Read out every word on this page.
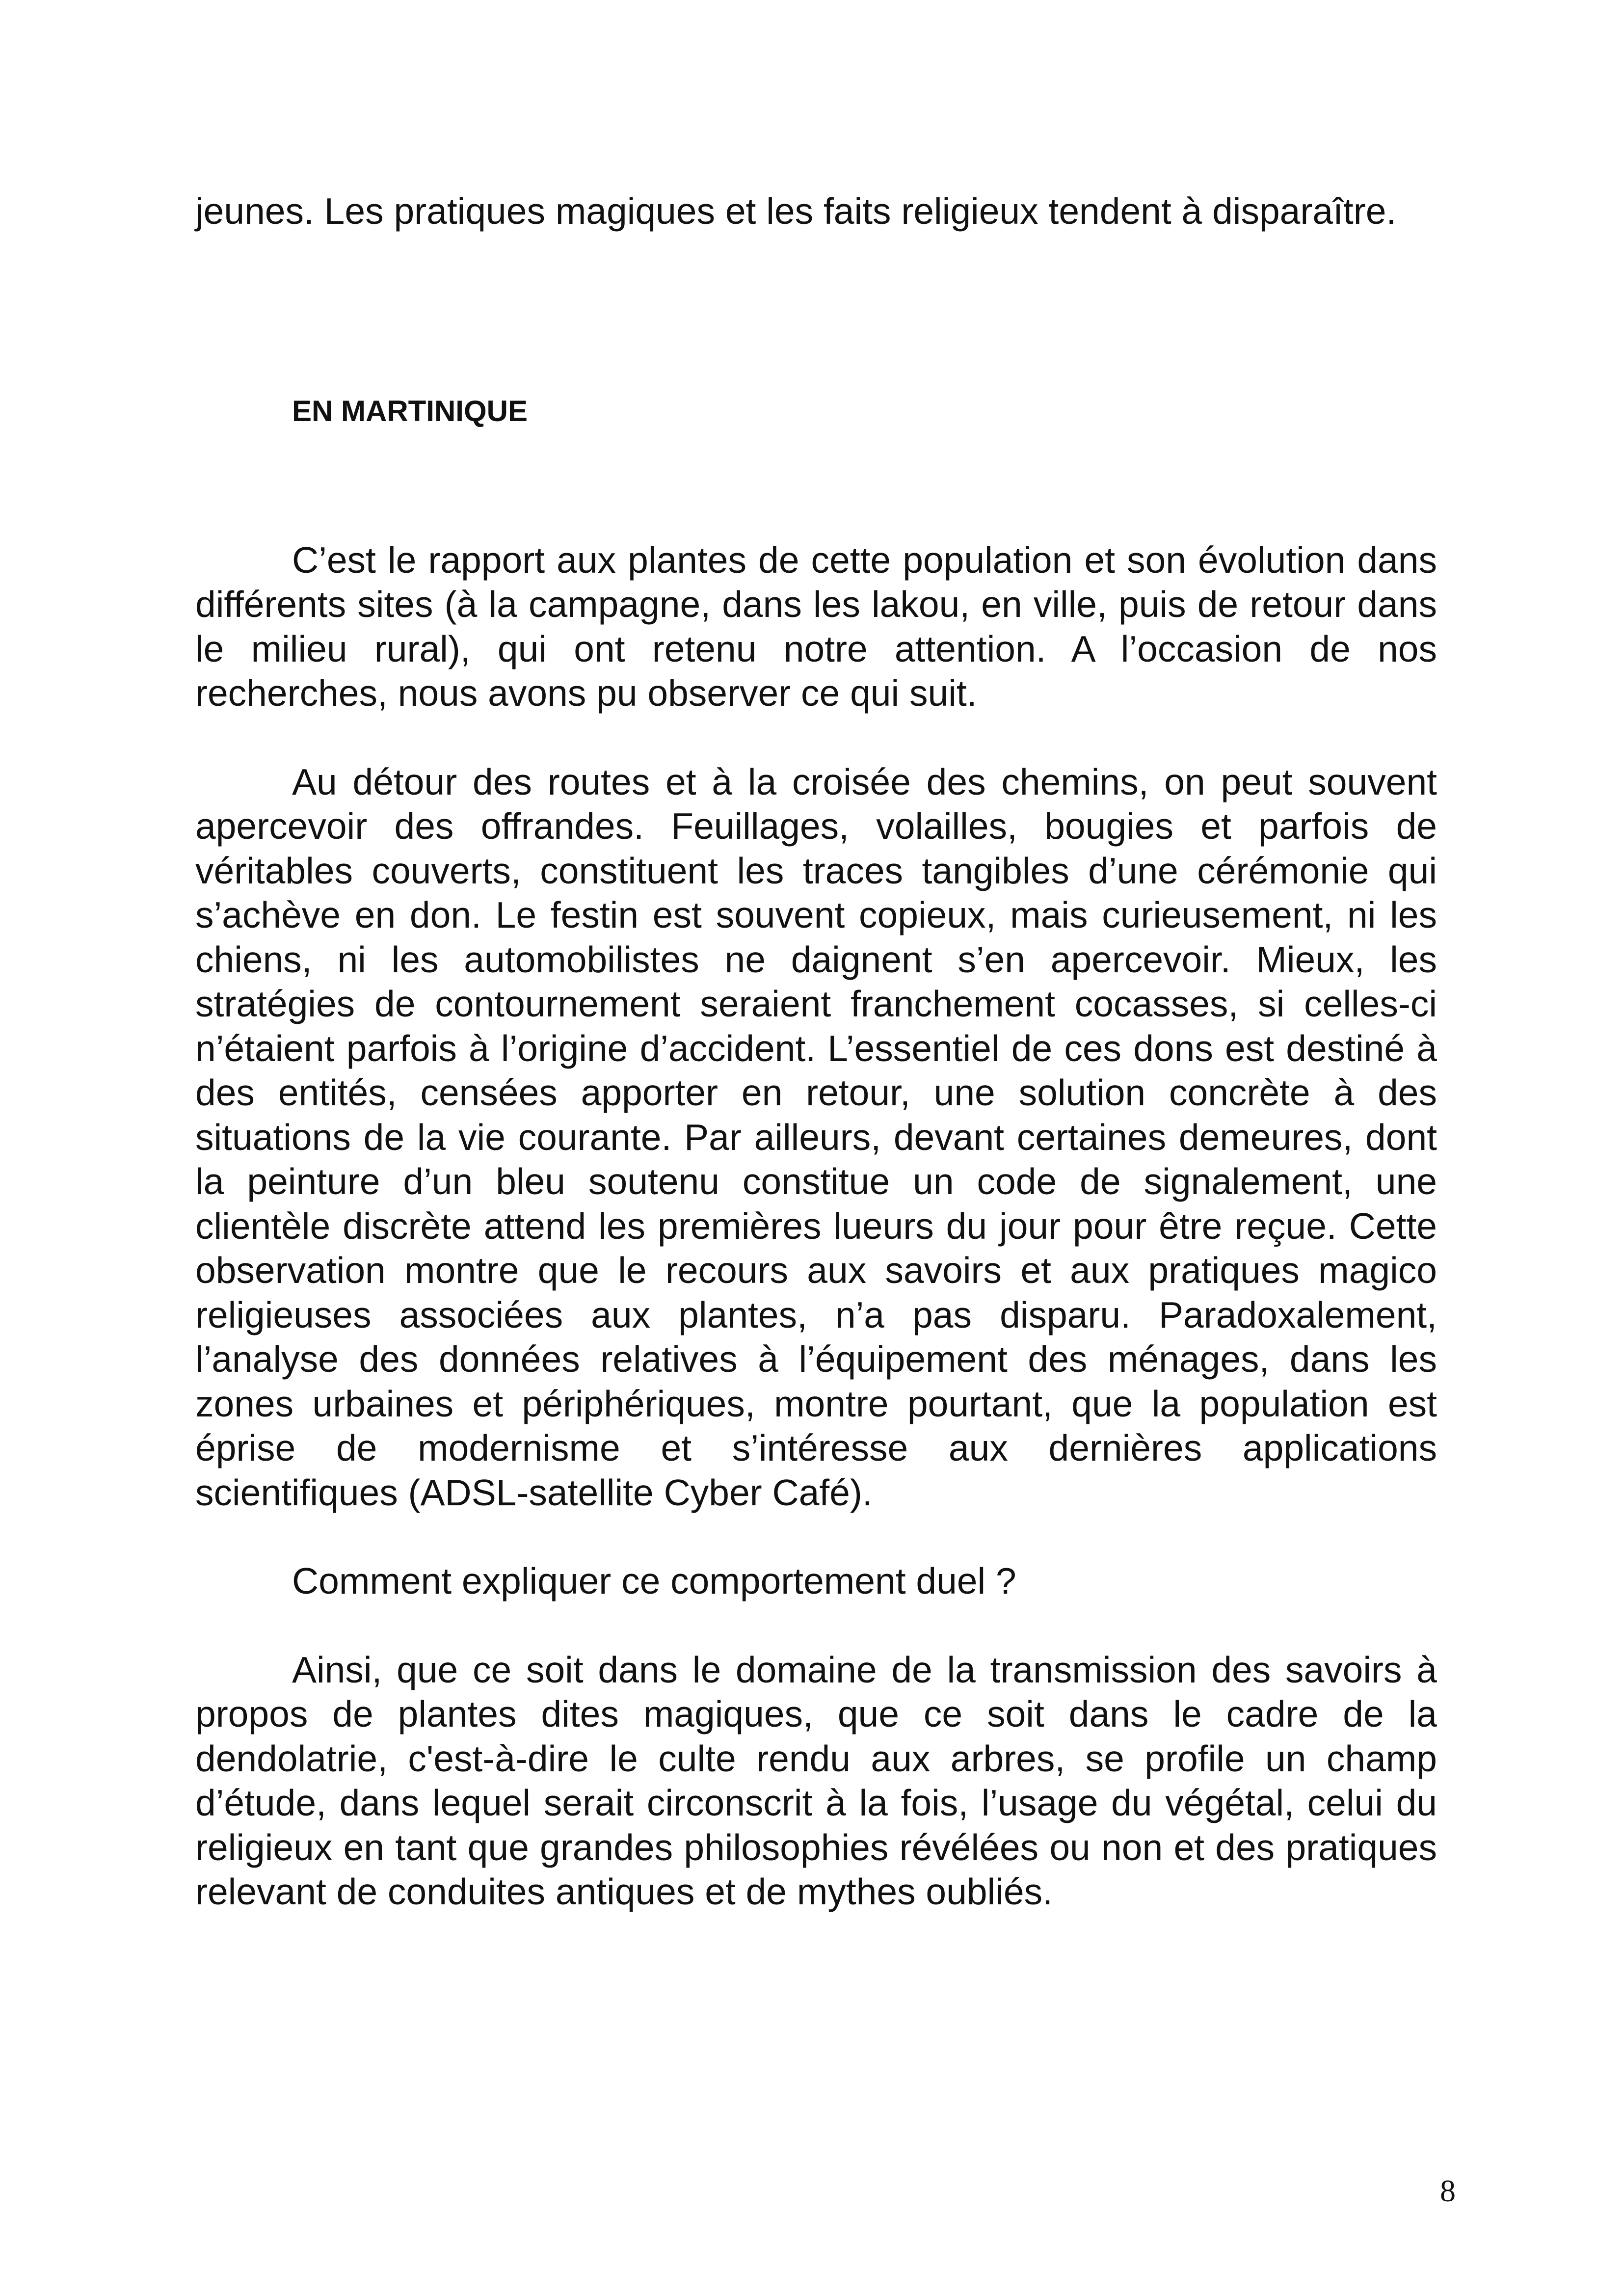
jeunes. Les pratiques magiques et les faits religieux tendent à disparaître.

EN MARTINIQUE

C’est le rapport aux plantes de cette population et son évolution dans différents sites (à la campagne, dans les lakou, en ville, puis de retour dans le milieu rural), qui ont retenu notre attention. A l’occasion de nos recherches, nous avons pu observer ce qui suit.

Au détour des routes et à la croisée des chemins, on peut souvent apercevoir des offrandes. Feuillages, volailles, bougies et parfois de véritables couverts, constituent les traces tangibles d’une cérémonie qui s’achève en don. Le festin est souvent copieux, mais curieusement, ni les chiens, ni les automobilistes ne daignent s’en apercevoir. Mieux, les stratégies de contournement seraient franchement cocasses, si celles-ci n’étaient parfois à l’origine d’accident. L’essentiel de ces dons est destiné à des entités, censées apporter en retour, une solution concrète à des situations de la vie courante. Par ailleurs, devant certaines demeures, dont la peinture d’un bleu soutenu constitue un code de signalement, une clientèle discrète attend les premières lueurs du jour pour être reçue. Cette observation montre que le recours aux savoirs et aux pratiques magico religieuses associées aux plantes, n’a pas disparu. Paradoxalement, l’analyse des données relatives à l’équipement des ménages, dans les zones urbaines et périphériques, montre pourtant, que la population est éprise de modernisme et s’intéresse aux dernières applications scientifiques (ADSL-satellite Cyber Café).

Comment expliquer ce comportement duel ?

Ainsi, que ce soit dans le domaine de la transmission des savoirs à propos de plantes dites magiques, que ce soit dans le cadre de la dendolatrie, c'est-à-dire le culte rendu aux arbres, se profile un champ d’étude, dans lequel serait circonscrit à la fois, l’usage du végétal, celui du religieux en tant que grandes philosophies révélées ou non et des pratiques relevant de conduites antiques et de mythes oubliés.

8
